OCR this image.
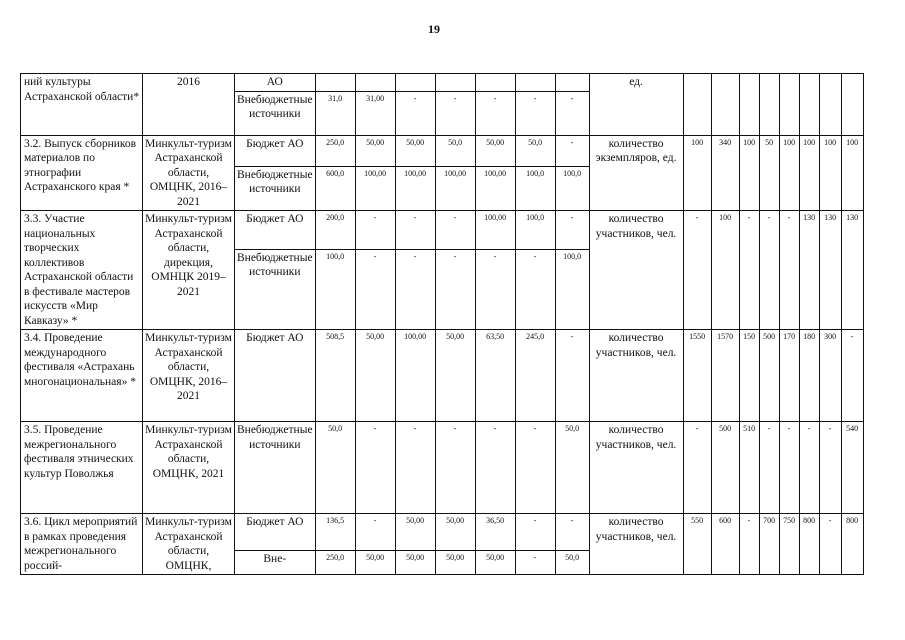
19
ний культуры Астраханской области*	2016	АО								ед.								
		Внебюджетные источники	31,0	31,00	-	-	-	-	-									
3.2. Выпуск сборников материалов по этнографии Астраханского края *	Минкульт-туризм Астраханской области, ОМЦНК, 2016–2021	Бюджет АО	250,0	50,00	50,00	50,0	50,00	50,0	-	количество экземпляров, ед.	100	340	100	50	100	100	100	100
		Внебюджетные источники	600,0	100,00	100,00	100,00	100,00	100,0	100,0									
3.3. Участие национальных творческих коллективов Астраханской области в фестивале мастеров искусств «Мир Кавказу» *	Минкульт-туризм Астраханской области, дирекция, ОМНЦК 2019–2021	Бюджет АО	200,0	-	-	-	100,00	100,0	-	количество участников, чел.	-	100	-	-	-	130	130	130
		Внебюджетные источники	100,0	-	-	-	-	-	100,0									
3.4. Проведение международного фестиваля «Астрахань многонациональная» *	Минкульт-туризм Астраханской области, ОМЦНК, 2016–2021	Бюджет АО	508,5	50,00	100,00	50,00	63,50	245,0	-	количество участников, чел.	1550	1570	150	500	170	180	300	-
3.5. Проведение межрегионального фестиваля этнических культур Поволжья	Минкульт-туризм Астраханской области, ОМЦНК, 2021	Внебюджетные источники	50,0	-	-	-	-	-	50,0	количество участников, чел.	-	500	510	-	-	-	-	540
3.6. Цикл мероприятий в рамках проведения межрегионального россий-	Минкульт-туризм Астраханской области, ОМЦНК,	Бюджет АО	136,5	-	50,00	50,00	36,50	-	-	количество участников, чел.	550	600	-	700	750	800	-	800
		Вне-	250,0	50,00	50,00	50,00	50,00	-	50,0									
